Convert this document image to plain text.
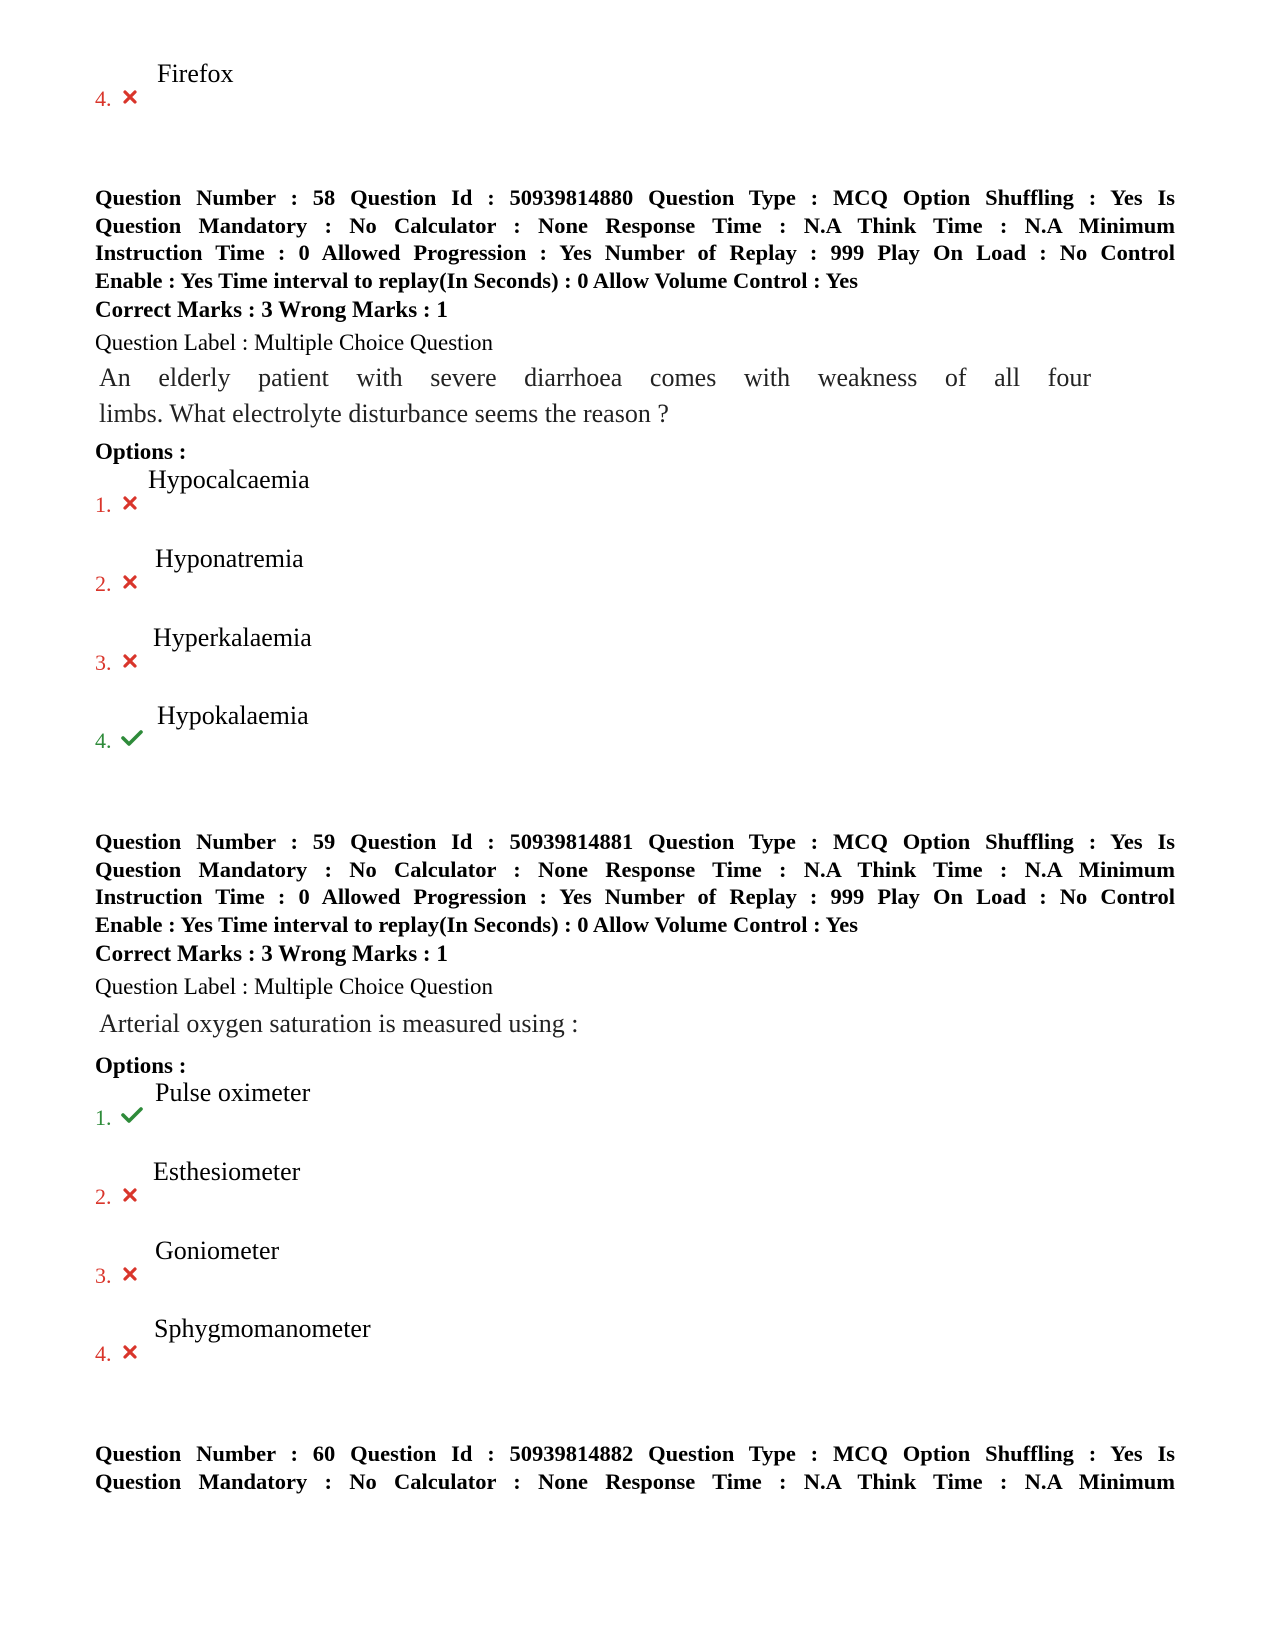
4.
Firefox
Question Number : 58 Question Id : 50939814880 Question Type : MCQ Option Shuffling : Yes Is
Question Mandatory : No Calculator : None Response Time : N.A Think Time : N.A Minimum
Instruction Time : 0 Allowed Progression : Yes Number of Replay : 999 Play On Load : No Control
Enable : Yes Time interval to replay(In Seconds) : 0 Allow Volume Control : Yes
Correct Marks : 3 Wrong Marks : 1
Question Label : Multiple Choice Question
An elderly patient with severe diarrhoea comes with weakness of all four
limbs. What electrolyte disturbance seems the reason ?
Options :
1.
Hypocalcaemia
2.
Hyponatremia
3.
Hyperkalaemia
4.
Hypokalaemia
Question Number : 59 Question Id : 50939814881 Question Type : MCQ Option Shuffling : Yes Is
Question Mandatory : No Calculator : None Response Time : N.A Think Time : N.A Minimum
Instruction Time : 0 Allowed Progression : Yes Number of Replay : 999 Play On Load : No Control
Enable : Yes Time interval to replay(In Seconds) : 0 Allow Volume Control : Yes
Correct Marks : 3 Wrong Marks : 1
Question Label : Multiple Choice Question
Arterial oxygen saturation is measured using :
Options :
1.
Pulse oximeter
2.
Esthesiometer
3.
Goniometer
4.
Sphygmomanometer
Question Number : 60 Question Id : 50939814882 Question Type : MCQ Option Shuffling : Yes Is
Question Mandatory : No Calculator : None Response Time : N.A Think Time : N.A Minimum
